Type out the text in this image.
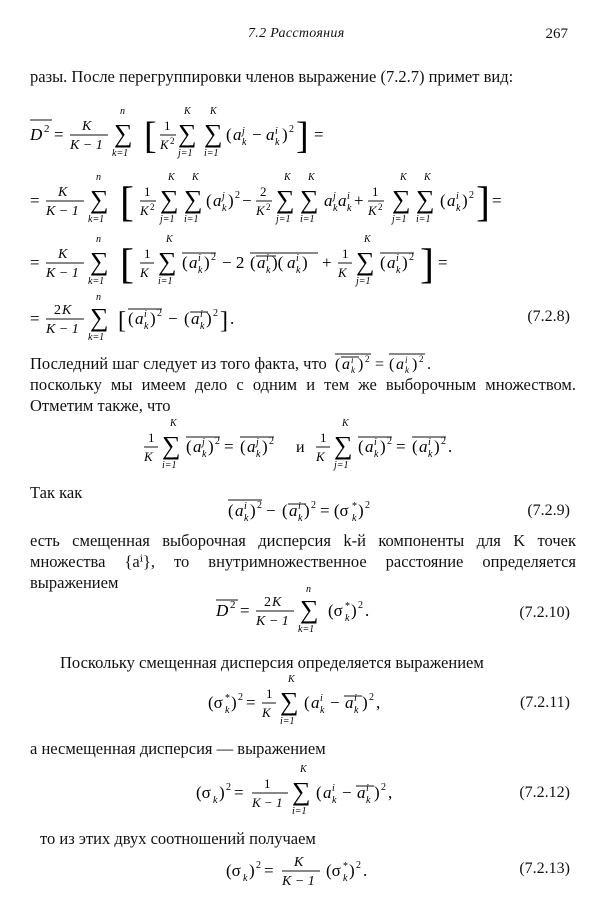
7.2 Расстояния	267
разы. После перегруппировки членов выражение (7.2.7) примет вид:
D 2 = K
K − 1
n
∑
k=1 [ 1
K 2
K
∑
j=1
K
∑
i=1
( a j
k − a i
k ) 2 ] =
= K
K − 1
n
∑
k=1 [ 1
K 2
K
∑
j=1
K
∑
i=1
( a j
k ) 2 − 2
K 2
K
∑
j=1
K
∑
i=1
a j
k a i
k + 1
K 2
K
∑
j=1
K
∑
i=1
( a i
k ) 2 ] =
= K
K − 1
n
∑
k=1 [ 1
K
K
∑
i=1
( a i
k ) 2 − 2 ( a i
k )( a i
k ) + 1
K
K
∑
j=1
( a i
k ) 2 ] =
= 2 K
K − 1
n
∑
k=1
[ ( a i
k ) 2 − ( a i
k ) 2 ] .	(7.2.8)
Последний шаг следует из того факта, что ( a i
k ) 2 = ( a i
k ) 2 .
поскольку мы имеем дело с одним и тем же выборочным множеством. Отметим также, что
1
K
K
∑
i=1
( a j
k ) 2 = ( a j
k ) 2 и
1
K
K
∑
j=1
( a i
k ) 2 = ( a i
k ) 2 .
Так как
( a i
k ) 2 − ( a i
k ) 2 = (σ *
k ) 2	(7.2.9)
есть смещенная выборочная дисперсия k-й компоненты для K точек множества {aⁱ}, то внутримножественное расстояние определяется выражением
D 2 = 2 K
K − 1
n
∑
k=1
(σ *
k ) 2 .	(7.2.10)
Поскольку смещенная дисперсия определяется выражением
(σ *
k ) 2 = 1
K
K
∑
i=1
( a i
k − a i
k ) 2 ,	(7.2.11)
а несмещенная дисперсия — выражением
(σ k ) 2 = 1
K − 1
K
∑
i=1
( a i
k − a i
k ) 2 ,	(7.2.12)
то из этих двух соотношений получаем
(σ k ) 2 = K
K − 1
(σ *
k ) 2 .	(7.2.13)
